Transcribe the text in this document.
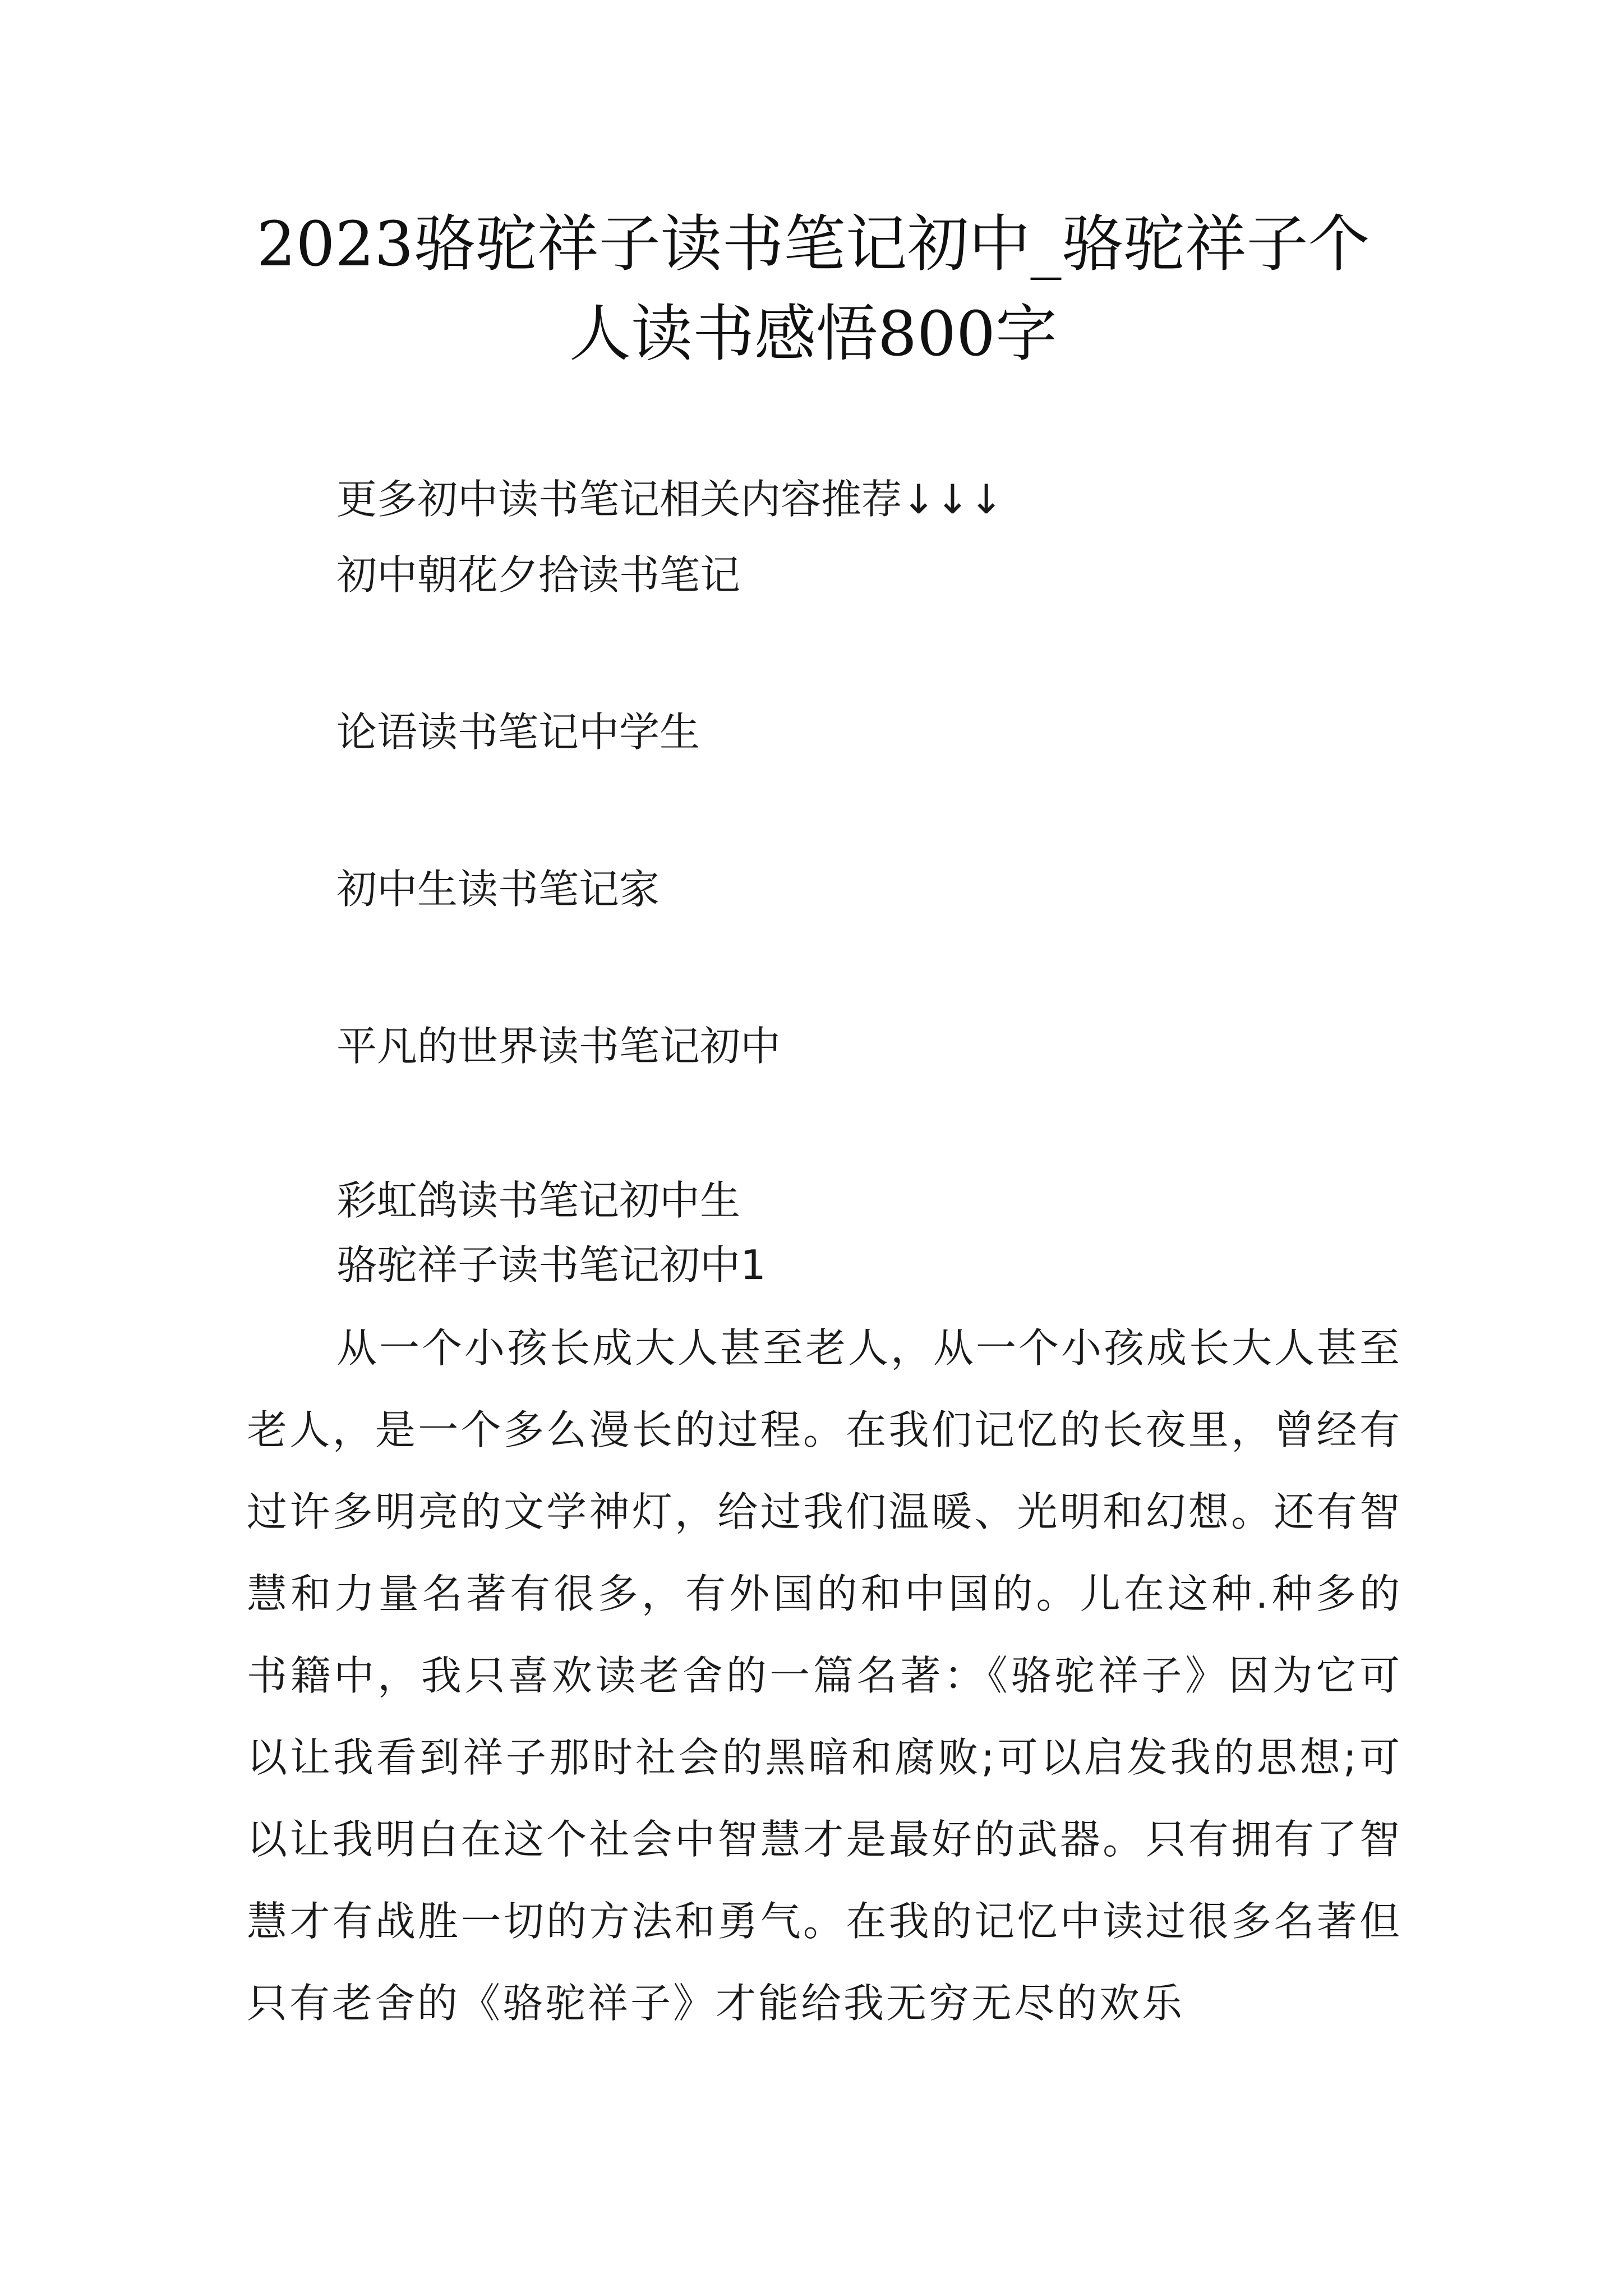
2023骆驼祥子读书笔记初中_骆驼祥子个人读书感悟800字

更多初中读书笔记相关内容推荐↓↓↓

初中朝花夕拾读书笔记
论语读书笔记中学生
初中生读书笔记家
平凡的世界读书笔记初中
彩虹鸽读书笔记初中生

骆驼祥子读书笔记初中1

从一个小孩长成大人甚至老人，从一个小孩成长大人甚至老人，是一个多么漫长的过程。在我们记忆的长夜里，曾经有过许多明亮的文学神灯，给过我们温暖、光明和幻想。还有智慧和力量名著有很多，有外国的和中国的。儿在这种.种多的书籍中，我只喜欢读老舍的一篇名著：《骆驼祥子》因为它可以让我看到祥子那时社会的黑暗和腐败;可以启发我的思想;可以让我明白在这个社会中智慧才是最好的武器。只有拥有了智慧才有战胜一切的方法和勇气。在我的记忆中读过很多名著但只有老舍的《骆驼祥子》才能给我无穷无尽的欢乐
